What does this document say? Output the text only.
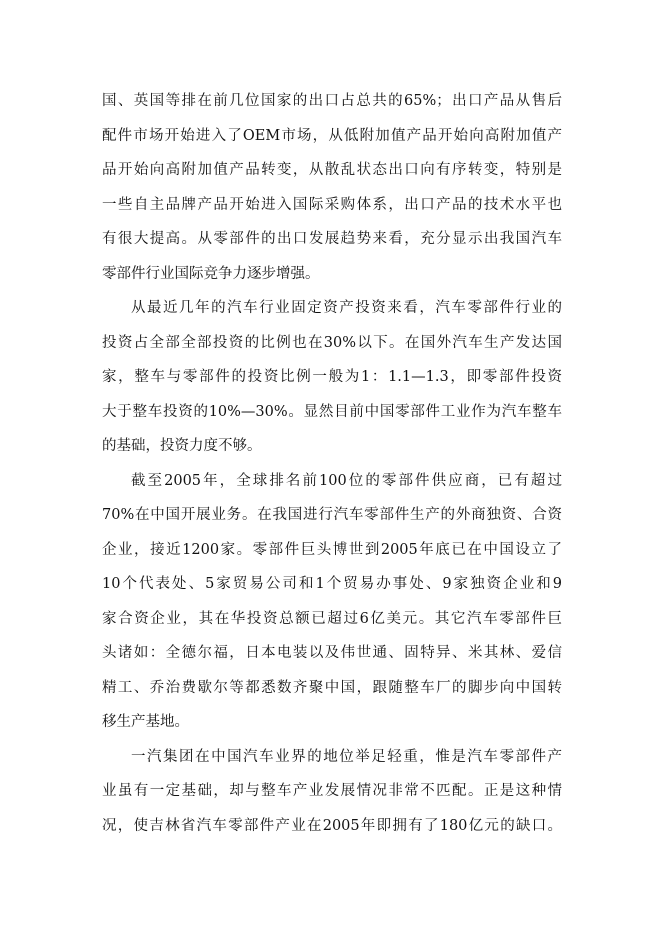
国、英国等排在前几位国家的出口占总共的65%；出口产品从售后
配件市场开始进入了OEM市场，从低附加值产品开始向高附加值产
品开始向高附加值产品转变，从散乱状态出口向有序转变，特别是
一些自主品牌产品开始进入国际采购体系，出口产品的技术水平也
有很大提高。从零部件的出口发展趋势来看，充分显示出我国汽车
零部件行业国际竞争力逐步增强。
从最近几年的汽车行业固定资产投资来看，汽车零部件行业的
投资占全部全部投资的比例也在30%以下。在国外汽车生产发达国
家，整车与零部件的投资比例一般为1：1.1—1.3，即零部件投资
大于整车投资的10%—30%。显然目前中国零部件工业作为汽车整车
的基础，投资力度不够。
截至2005年，全球排名前100位的零部件供应商，已有超过
70%在中国开展业务。在我国进行汽车零部件生产的外商独资、合资
企业，接近1200家。零部件巨头博世到2005年底已在中国设立了
10个代表处、5家贸易公司和1个贸易办事处、9家独资企业和9
家合资企业，其在华投资总额已超过6亿美元。其它汽车零部件巨
头诸如：全德尔福，日本电装以及伟世通、固特异、米其林、爱信
精工、乔治费歇尔等都悉数齐聚中国，跟随整车厂的脚步向中国转
移生产基地。
一汽集团在中国汽车业界的地位举足轻重，惟是汽车零部件产
业虽有一定基础，却与整车产业发展情况非常不匹配。正是这种情
况，使吉林省汽车零部件产业在2005年即拥有了180亿元的缺口。
